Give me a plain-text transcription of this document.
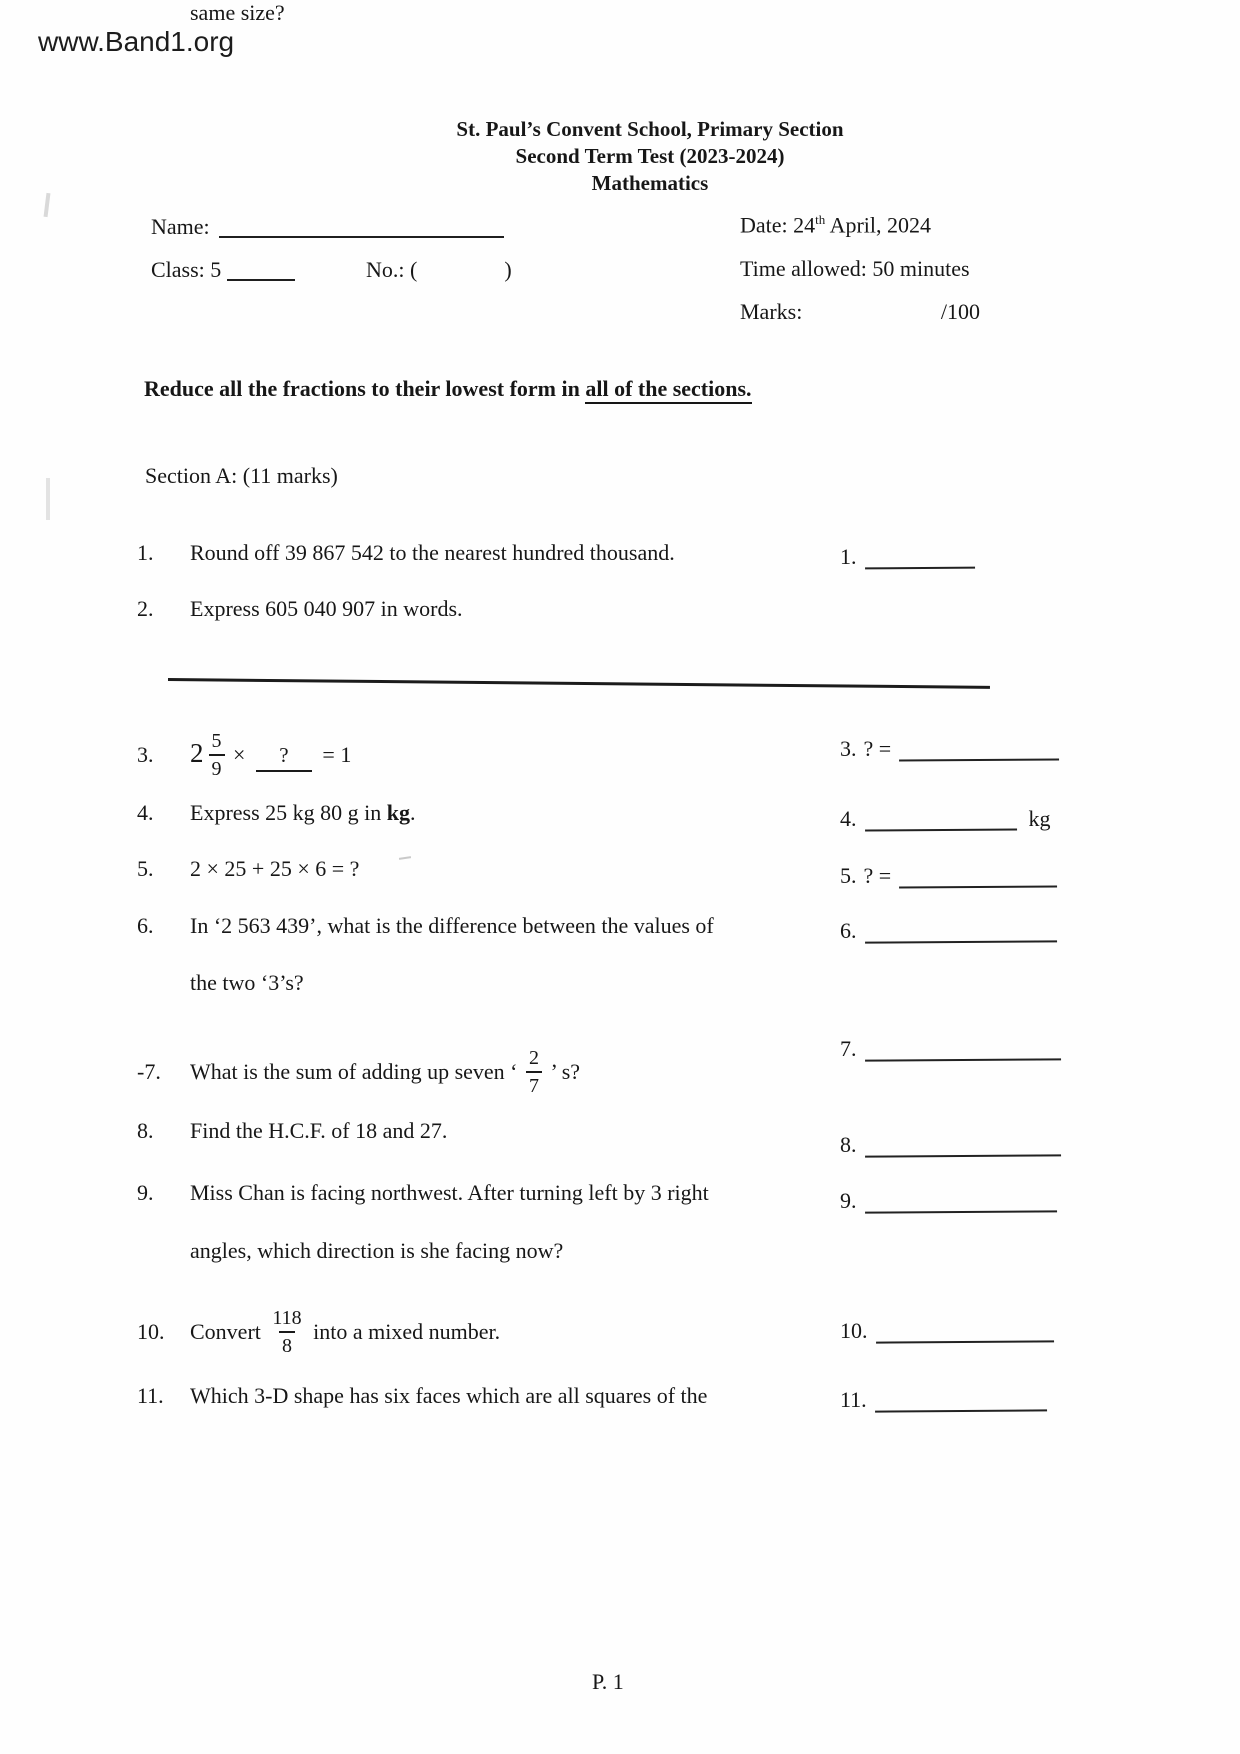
www.Band1.org
St. Paul’s Convent School, Primary Section
Second Term Test (2023-2024)
Mathematics
Name:
Class: 5	No.: (	)
Date: 24th April, 2024
Time allowed: 50 minutes
Marks:	/100
Reduce all the fractions to their lowest form in all of the sections.
Section A: (11 marks)
1. Round off 39 867 542 to the nearest hundred thousand.
2. Express 605 040 907 in words.
3. $2 \frac{5}{9}$ × ? = 1
4. Express 25 kg 80 g in kg.
5. 2 × 25 + 25 × 6 = ?
6. In ‘2 563 439’, what is the difference between the values of
the two ‘3’s?
-7. What is the sum of adding up seven ‘ $\frac{2}{7}$ ’ s?
8. Find the H.C.F. of 18 and 27.
9. Miss Chan is facing northwest. After turning left by 3 right
angles, which direction is she facing now?
10. Convert $\frac{118}{8}$ into a mixed number.
11. Which 3-D shape has six faces which are all squares of the
same size?
1.
3. ? =
4.	kg
5. ? =
6.
7.
8.
9.
10.
11.
P. 1
